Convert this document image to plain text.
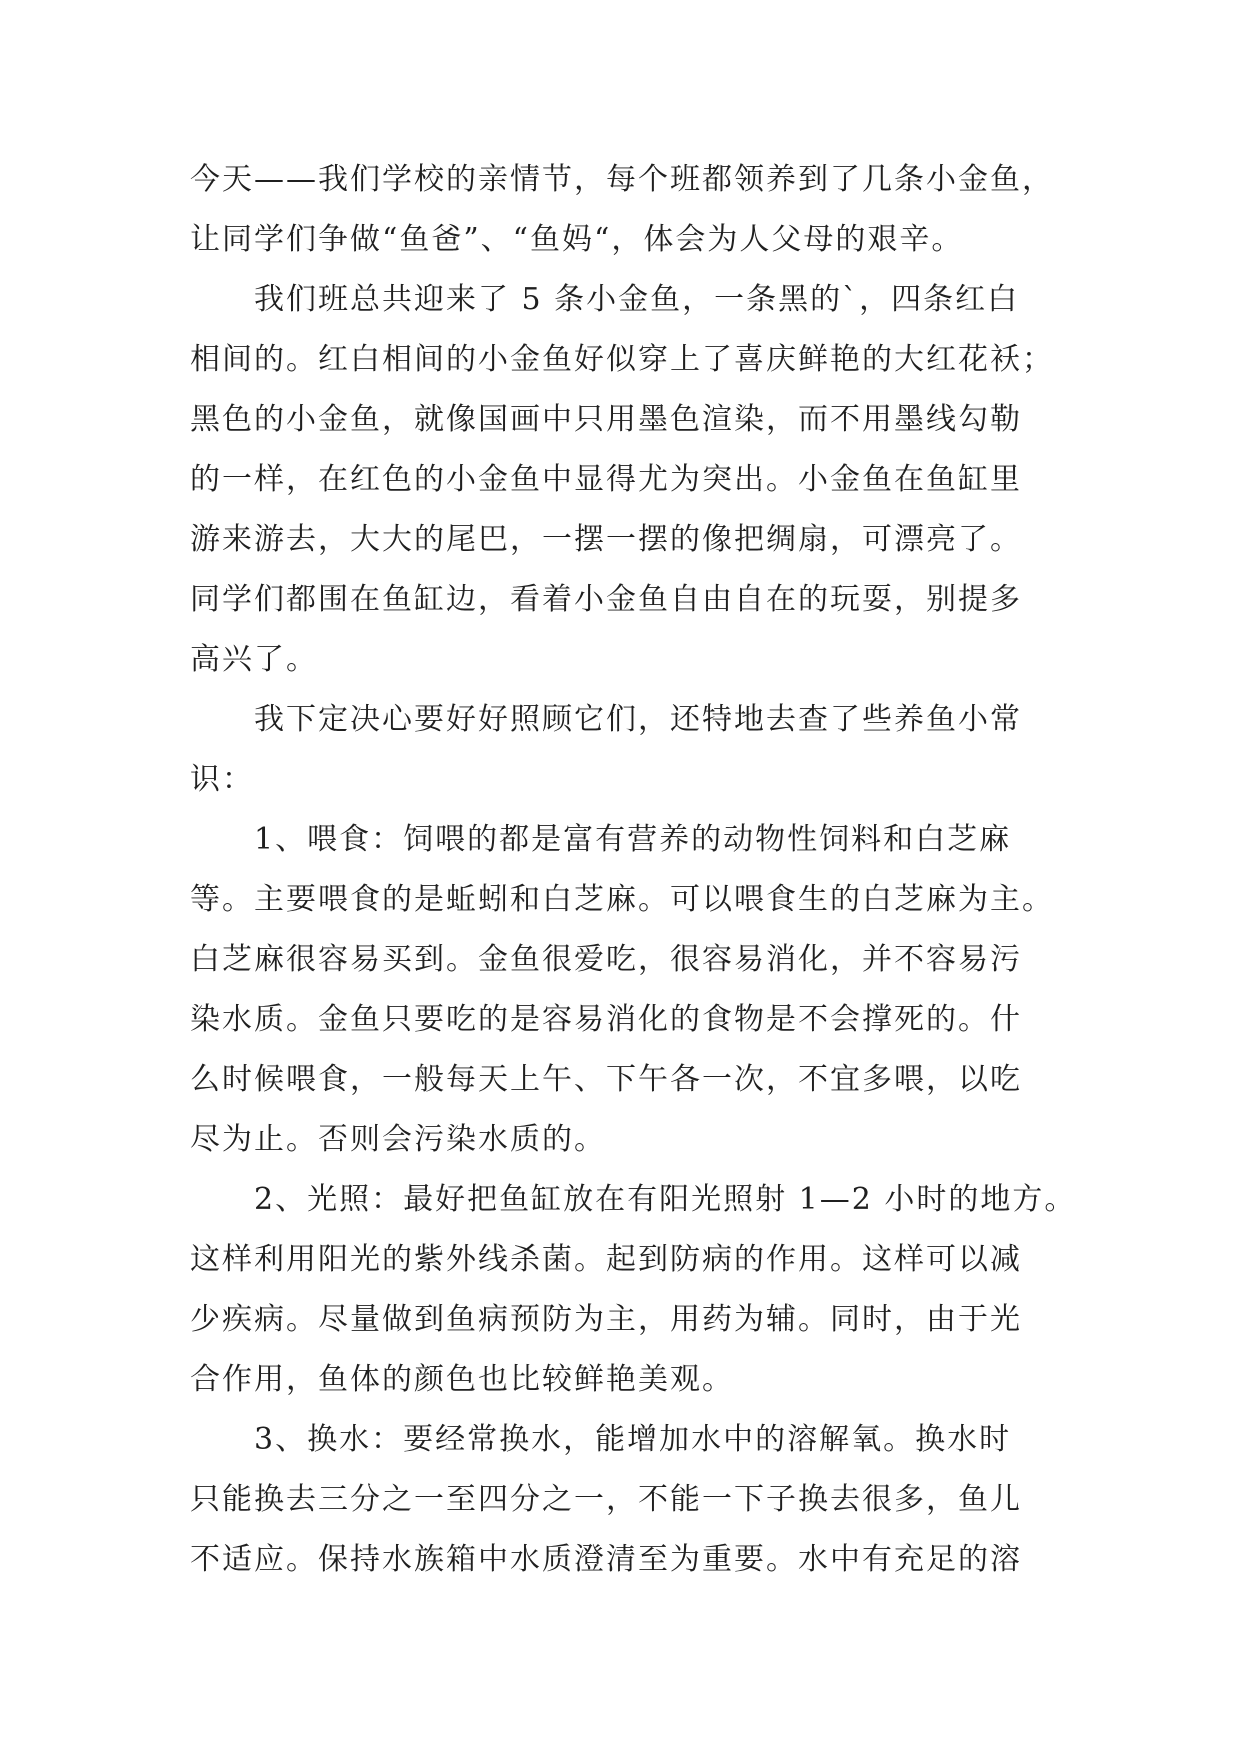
今天——我们学校的亲情节，每个班都领养到了几条小金鱼，
让同学们争做“鱼爸”、“鱼妈“，体会为人父母的艰辛。
我们班总共迎来了 5 条小金鱼，一条黑的`，四条红白
相间的。红白相间的小金鱼好似穿上了喜庆鲜艳的大红花袄；
黑色的小金鱼，就像国画中只用墨色渲染，而不用墨线勾勒
的一样，在红色的小金鱼中显得尤为突出。小金鱼在鱼缸里
游来游去，大大的尾巴，一摆一摆的像把绸扇，可漂亮了。
同学们都围在鱼缸边，看着小金鱼自由自在的玩耍，别提多
高兴了。
我下定决心要好好照顾它们，还特地去查了些养鱼小常
识：
1、喂食：饲喂的都是富有营养的动物性饲料和白芝麻
等。主要喂食的是蚯蚓和白芝麻。可以喂食生的白芝麻为主。
白芝麻很容易买到。金鱼很爱吃，很容易消化，并不容易污
染水质。金鱼只要吃的是容易消化的食物是不会撑死的。什
么时候喂食，一般每天上午、下午各一次，不宜多喂，以吃
尽为止。否则会污染水质的。
2、光照：最好把鱼缸放在有阳光照射 1—2 小时的地方。
这样利用阳光的紫外线杀菌。起到防病的作用。这样可以减
少疾病。尽量做到鱼病预防为主，用药为辅。同时，由于光
合作用，鱼体的颜色也比较鲜艳美观。
3、换水：要经常换水，能增加水中的溶解氧。换水时
只能换去三分之一至四分之一，不能一下子换去很多，鱼儿
不适应。保持水族箱中水质澄清至为重要。水中有充足的溶
